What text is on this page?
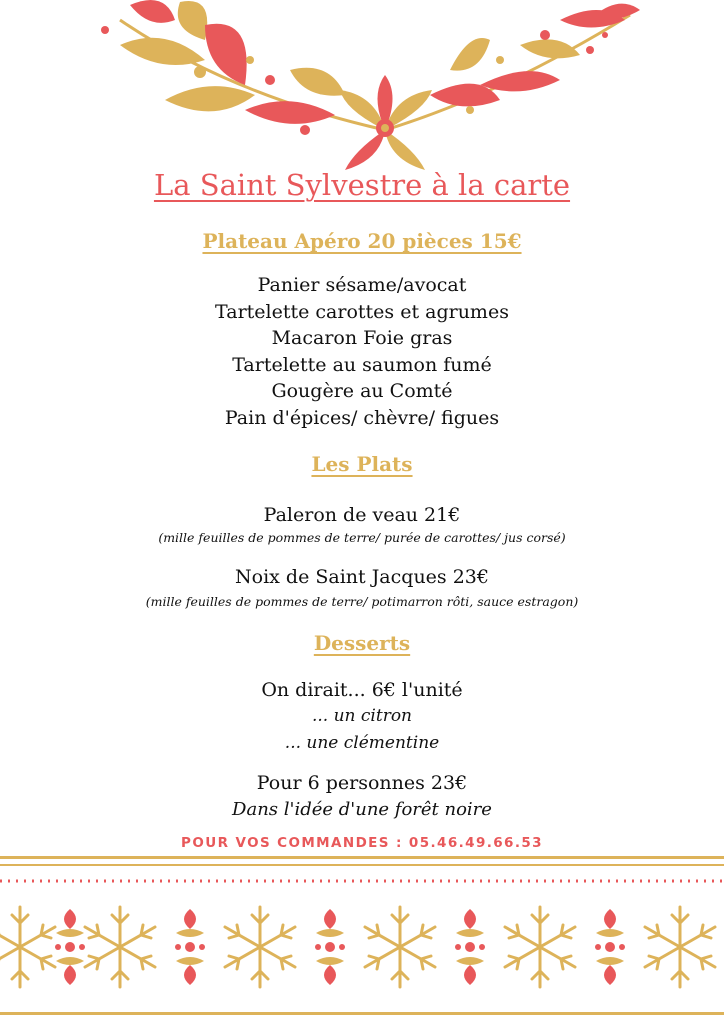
La Saint Sylvestre à la carte
Plateau Apéro 20 pièces 15€
Panier sésame/avocat
Tartelette carottes et agrumes
Macaron Foie gras
Tartelette au saumon fumé
Gougère au Comté
Pain d'épices/ chèvre/ figues
Les Plats
Paleron de veau 21€
(mille feuilles de pommes de terre/ purée de carottes/ jus corsé)
Noix de Saint Jacques 23€
(mille feuilles de pommes de terre/ potimarron rôti, sauce estragon)
Desserts
On dirait... 6€ l'unité
... un citron
... une clémentine
Pour 6 personnes 23€
Dans l'idée d'une forêt noire
POUR VOS COMMANDES : 05.46.49.66.53
